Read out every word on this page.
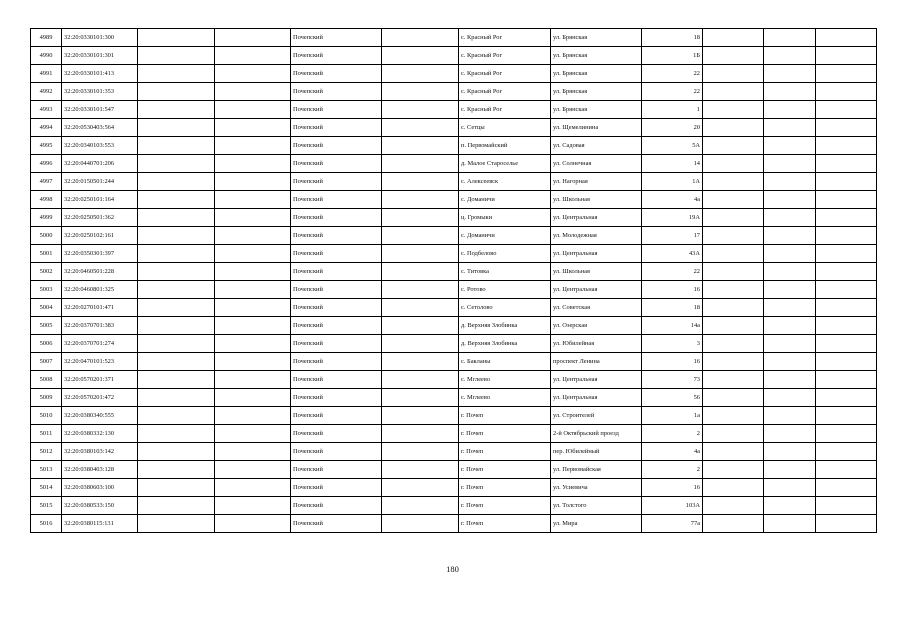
4989	32:20:0330101:300			Почепский		с. Красный Рог	ул. Брянская	18			
4990	32:20:0330101:301			Почепский		с. Красный Рог	ул. Брянская	1Б			
4991	32:20:0330101:413			Почепский		с. Красный Рог	ул. Брянская	22			
4992	32:20:0330101:353			Почепский		с. Красный Рог	ул. Брянская	22			
4993	32:20:0330101:547			Почепский		с. Красный Рог	ул. Брянская	1			
4994	32:20:0530403:564			Почепский		с. Сетцы	ул. Щемелинина	20			
4995	32:20:0340103:553			Почепский		п. Первомайский	ул. Садовая	5А			
4996	32:20:0440701:206			Почепский		д. Малое Староселье	ул. Солнечная	14			
4997	32:20:0150501:244			Почепский		с. Алексеевск	ул. Нагорная	1А			
4998	32:20:0250101:164			Почепский		с. Доманичи	ул. Школьная	4а			
4999	32:20:0250501:362			Почепский		ц. Громыки	ул. Центральная	19А			
5000	32:20:0250102:161			Почепский		с. Доманичи	ул. Молодежная	17			
5001	32:20:0350301:397			Почепский		с. Подбелово	ул. Центральная	43А			
5002	32:20:0460501:228			Почепский		с. Титовка	ул. Школьная	22			
5003	32:20:0460801:325			Почепский		с. Ротово	ул. Центральная	16			
5004	32:20:0270101:471			Почепский		с. Сетолово	ул. Советская	18			
5005	32:20:0370701:383			Почепский		д. Верхняя Злобинка	ул. Озерская	14а			
5006	32:20:0370701:274			Почепский		д. Верхняя Злобинка	ул. Юбилейная	3			
5007	32:20:0470101:523			Почепский		с. Бакланы	проспект Ленина	16			
5008	32:20:0570201:371			Почепский		с. Мглеево	ул. Центральная	73			
5009	32:20:0570201:472			Почепский		с. Мглеево	ул. Центральная	56			
5010	32:20:0380340:555			Почепский		г. Почеп	ул. Строителей	1а			
5011	32:20:0380332:130			Почепский		г. Почеп	2-й Октябрьский проезд	2			
5012	32:20:0380103:142			Почепский		г. Почеп	пер. Юбилейный	4а			
5013	32:20:0380403:128			Почепский		г. Почеп	ул. Первомайская	2			
5014	32:20:0380603:100			Почепский		г. Почеп	ул. Усиевича	16			
5015	32:20:0380533:150			Почепский		г. Почеп	ул. Толстого	103А			
5016	32:20:0380115:131			Почепский		г. Почеп	ул. Мира	77а			
180
